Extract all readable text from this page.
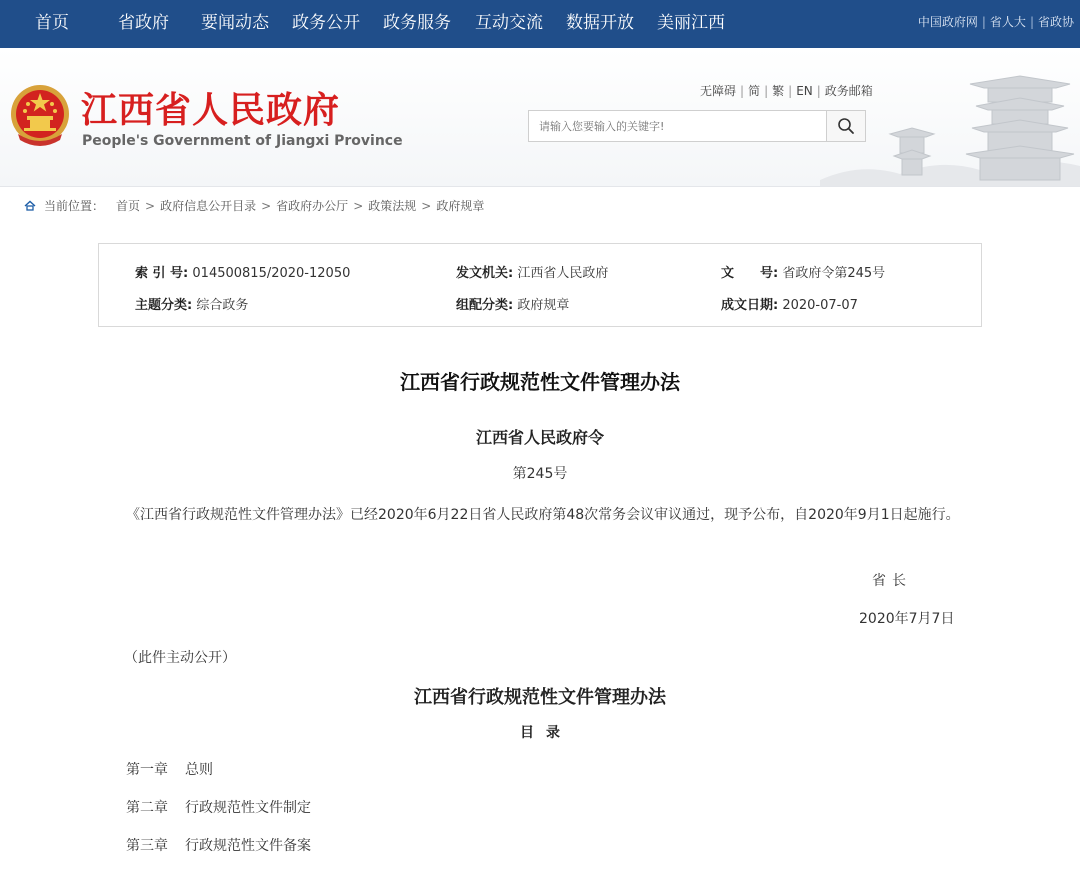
首页	省政府 要闻动态 政务公开 政务服务 互动交流 数据开放 美丽江西	中国政府网 | 省人大 | 省政协
江西省人民政府
People's Government of Jiangxi Province
无障碍 | 简 | 繁 | EN | 政务邮箱
请输入您要输入的关键字!
当前位置： 首页 > 政府信息公开目录 > 省政府办公厅 > 政策法规 > 政府规章
索 引 号: 014500815/2020-12050	发文机关: 江西省人民政府	文　　号: 省政府令第245号
主题分类: 综合政务	组配分类: 政府规章	成文日期: 2020-07-07
江西省行政规范性文件管理办法
江西省人民政府令
第245号
《江西省行政规范性文件管理办法》已经2020年6月22日省人民政府第48次常务会议审议通过，现予公布，自2020年9月1日起施行。
省长
2020年7月7日
（此件主动公开）
江西省行政规范性文件管理办法
目录
第一章 总则
第二章 行政规范性文件制定
第三章 行政规范性文件备案
